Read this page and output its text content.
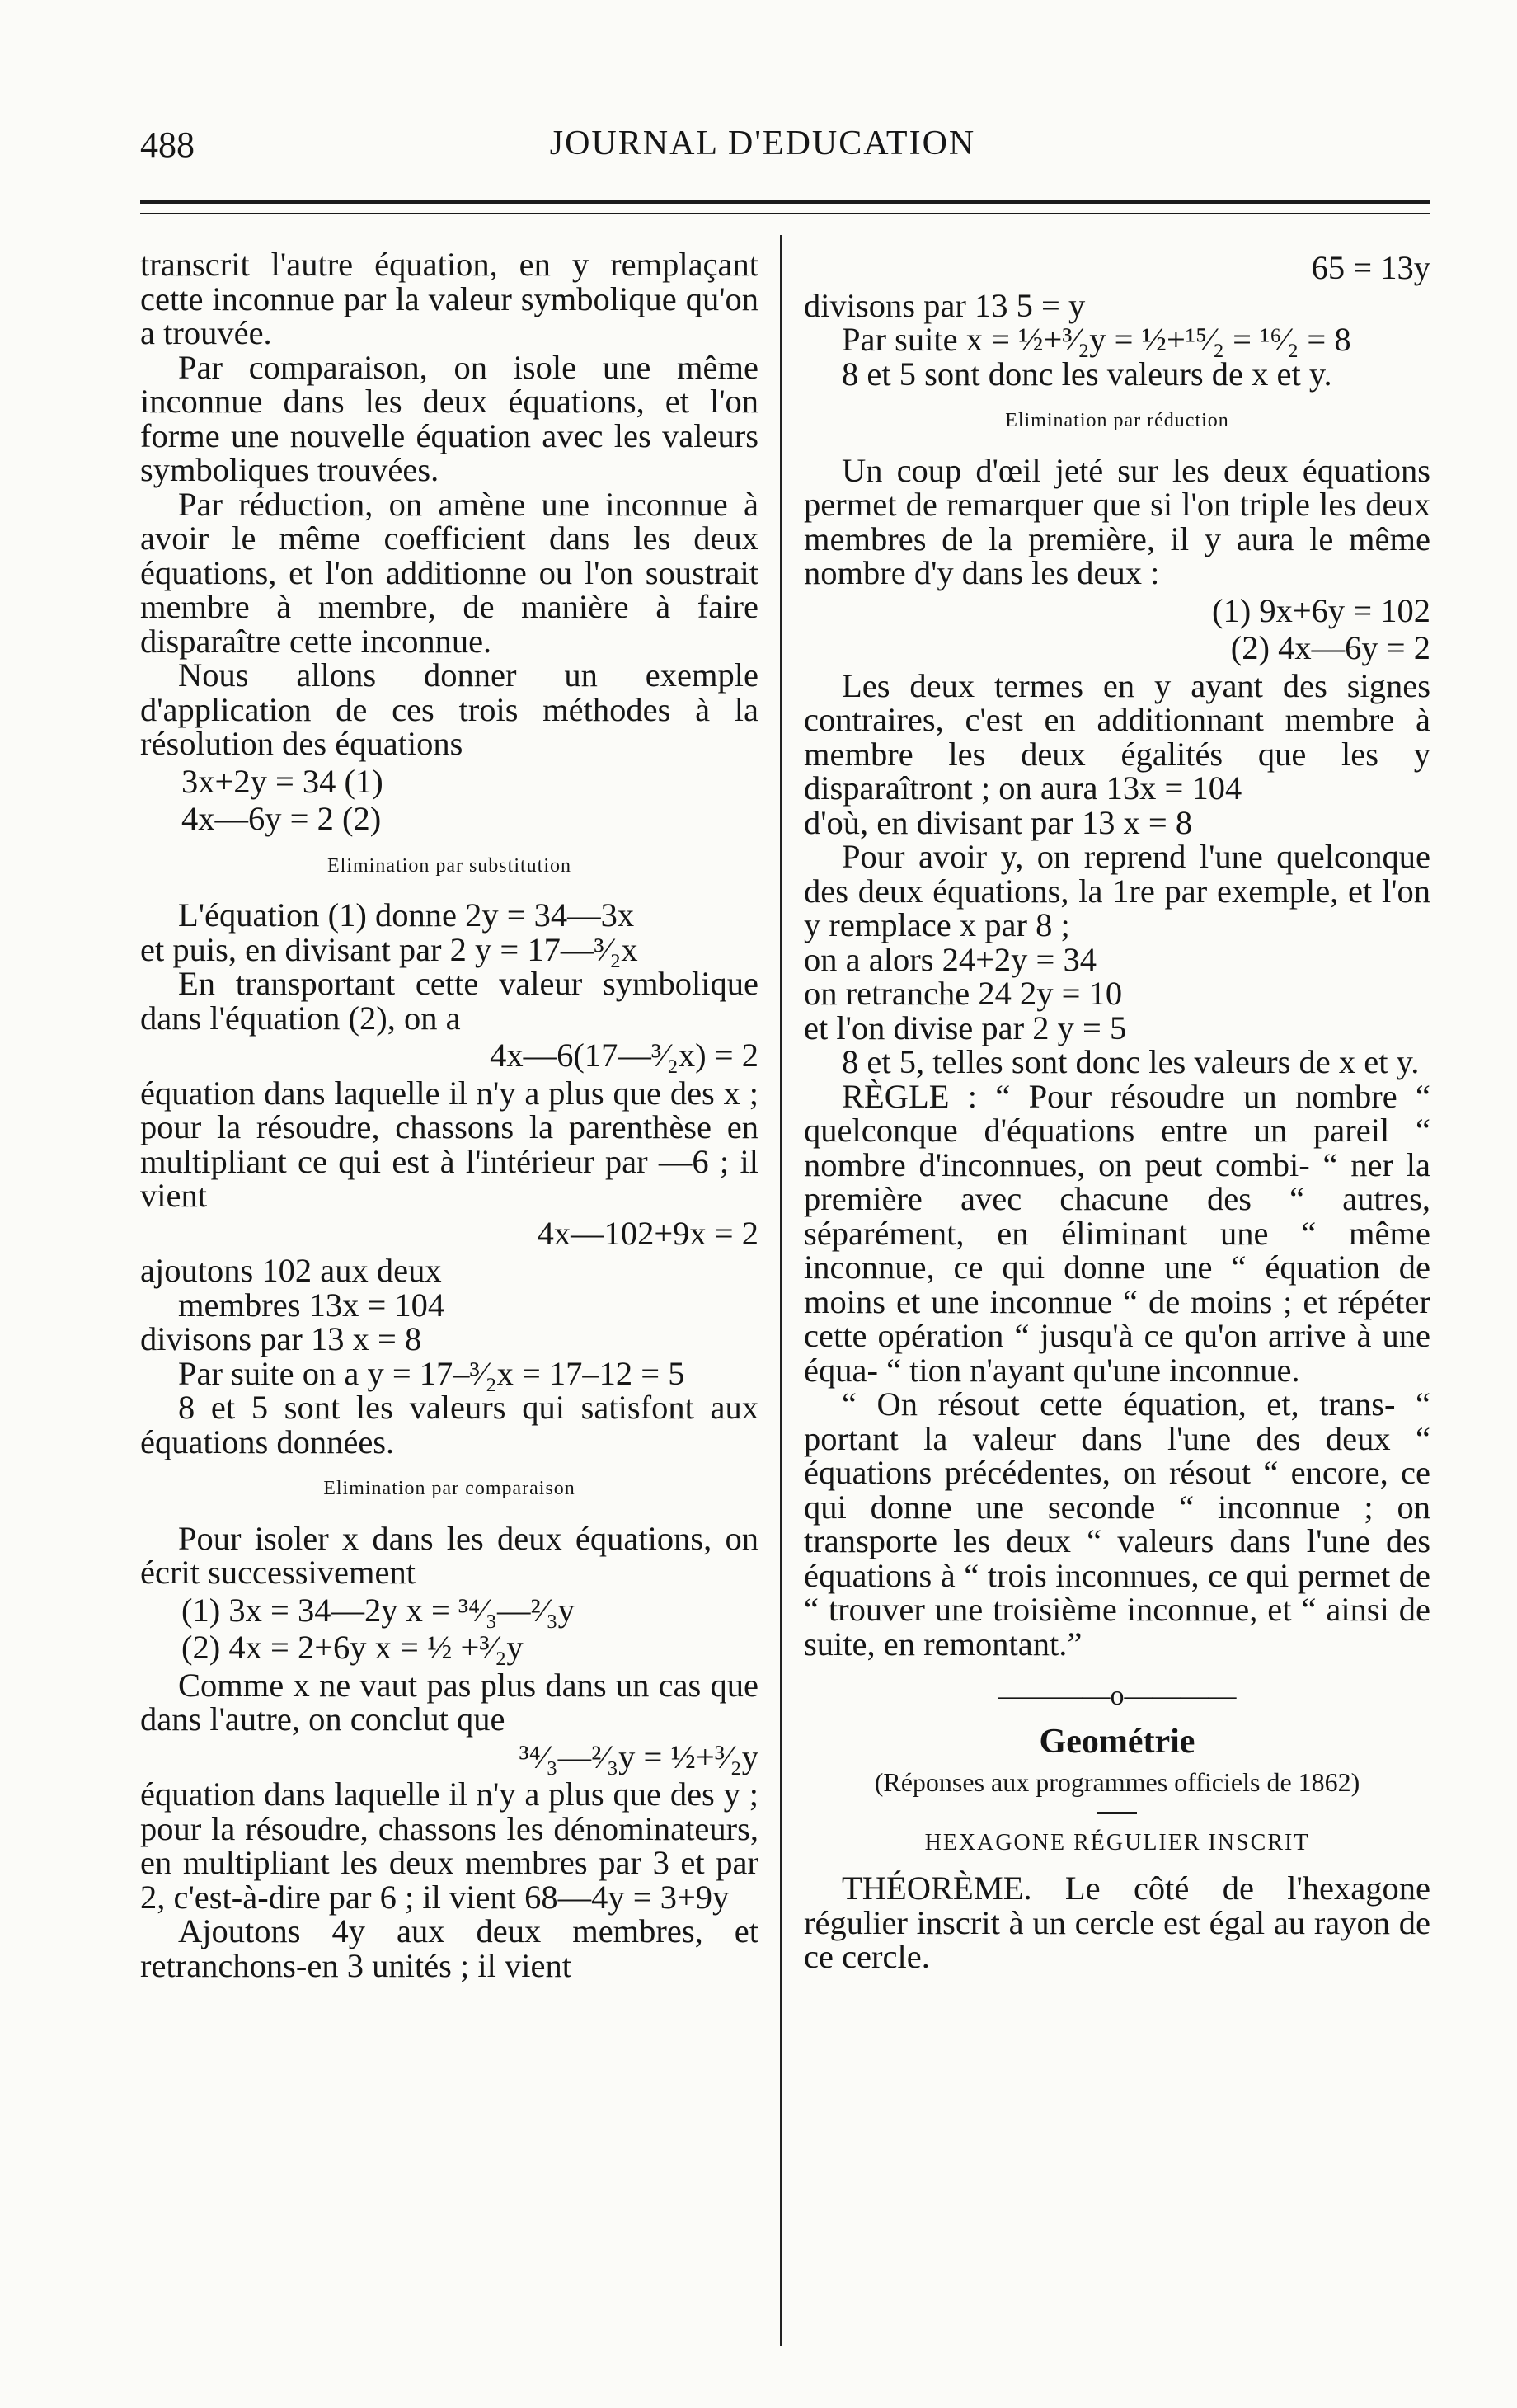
488	JOURNAL D'EDUCATION

transcrit l'autre équation, en y remplaçant cette inconnue par la valeur symbolique qu'on a trouvée.

Par comparaison, on isole une même inconnue dans les deux équations, et l'on forme une nouvelle équation avec les valeurs symboliques trouvées.

Par réduction, on amène une inconnue à avoir le même coefficient dans les deux équations, et l'on additionne ou l'on soustrait membre à membre, de manière à faire disparaître cette inconnue.

Nous allons donner un exemple d'application de ces trois méthodes à la résolution des équations

3x+2y = 34 (1)
4x—6y = 2 (2)
Elimination par substitution

L'équation (1) donne 2y = 34—3x

et puis, en divisant par 2 y = 17—³⁄₂x

En transportant cette valeur symbolique dans l'équation (2), on a

4x—6(17—³⁄₂x) = 2

équation dans laquelle il n'y a plus que des x ; pour la résoudre, chassons la parenthèse en multipliant ce qui est à l'intérieur par —6 ; il vient

4x—102+9x = 2

ajoutons 102 aux deux

membres 13x = 104

divisons par 13 x = 8

Par suite on a y = 17–³⁄₂x = 17–12 = 5

8 et 5 sont les valeurs qui satisfont aux équations données.

Elimination par comparaison

Pour isoler x dans les deux équations, on écrit successivement

(1) 3x = 34—2y x = ³⁴⁄₃—²⁄₃y
(2) 4x = 2+6y x = ½ +³⁄₂y

Comme x ne vaut pas plus dans un cas que dans l'autre, on conclut que

³⁴⁄₃—²⁄₃y = ½+³⁄₂y

équation dans laquelle il n'y a plus que des y ; pour la résoudre, chassons les dénominateurs, en multipliant les deux membres par 3 et par 2, c'est-à-dire par 6 ; il vient 68—4y = 3+9y

Ajoutons 4y aux deux membres, et retranchons-en 3 unités ; il vient

65 = 13y

divisons par 13 5 = y

Par suite x = ½+³⁄₂y = ½+¹⁵⁄₂ = ¹⁶⁄₂ = 8

8 et 5 sont donc les valeurs de x et y.

Elimination par réduction

Un coup d'œil jeté sur les deux équations permet de remarquer que si l'on triple les deux membres de la première, il y aura le même nombre d'y dans les deux :

(1) 9x+6y = 102
(2) 4x—6y = 2

Les deux termes en y ayant des signes contraires, c'est en additionnant membre à membre les deux égalités que les y disparaîtront ; on aura 13x = 104

d'où, en divisant par 13 x = 8

Pour avoir y, on reprend l'une quelconque des deux équations, la 1re par exemple, et l'on y remplace x par 8 ;

on a alors 24+2y = 34

on retranche 24 2y = 10

et l'on divise par 2 y = 5

8 et 5, telles sont donc les valeurs de x et y.

RÈGLE : “ Pour résoudre un nombre “ quelconque d'équations entre un pareil “ nombre d'inconnues, on peut combi- “ ner la première avec chacune des “ autres, séparément, en éliminant une “ même inconnue, ce qui donne une “ équation de moins et une inconnue “ de moins ; et répéter cette opération “ jusqu'à ce qu'on arrive à une équa- “ tion n'ayant qu'une inconnue.

“ On résout cette équation, et, trans- “ portant la valeur dans l'une des deux “ équations précédentes, on résout “ encore, ce qui donne une seconde “ inconnue ; on transporte les deux “ valeurs dans l'une des équations à “ trois inconnues, ce qui permet de “ trouver une troisième inconnue, et “ ainsi de suite, en remontant.”

————o————
Geométrie
(Réponses aux programmes officiels de 1862)
HEXAGONE RÉGULIER INSCRIT

THÉORÈME. Le côté de l'hexagone régulier inscrit à un cercle est égal au rayon de ce cercle.
